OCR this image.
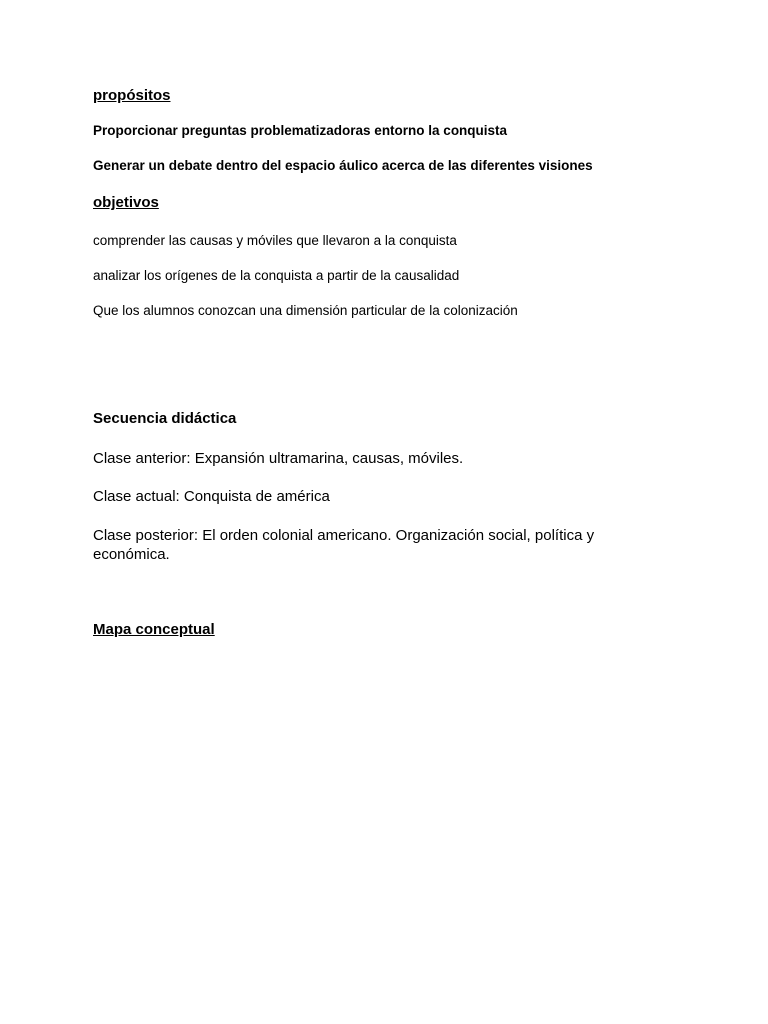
propósitos

Proporcionar preguntas problematizadoras entorno la conquista

Generar un debate dentro del espacio áulico acerca de las diferentes visiones

objetivos

comprender las causas y móviles que llevaron a la conquista

analizar los orígenes de la conquista a partir de la causalidad

Que los alumnos conozcan una dimensión particular de la colonización

Secuencia didáctica

Clase anterior: Expansión ultramarina, causas, móviles.

Clase actual: Conquista de américa

Clase posterior: El orden colonial americano. Organización social, política y económica.

Mapa conceptual
